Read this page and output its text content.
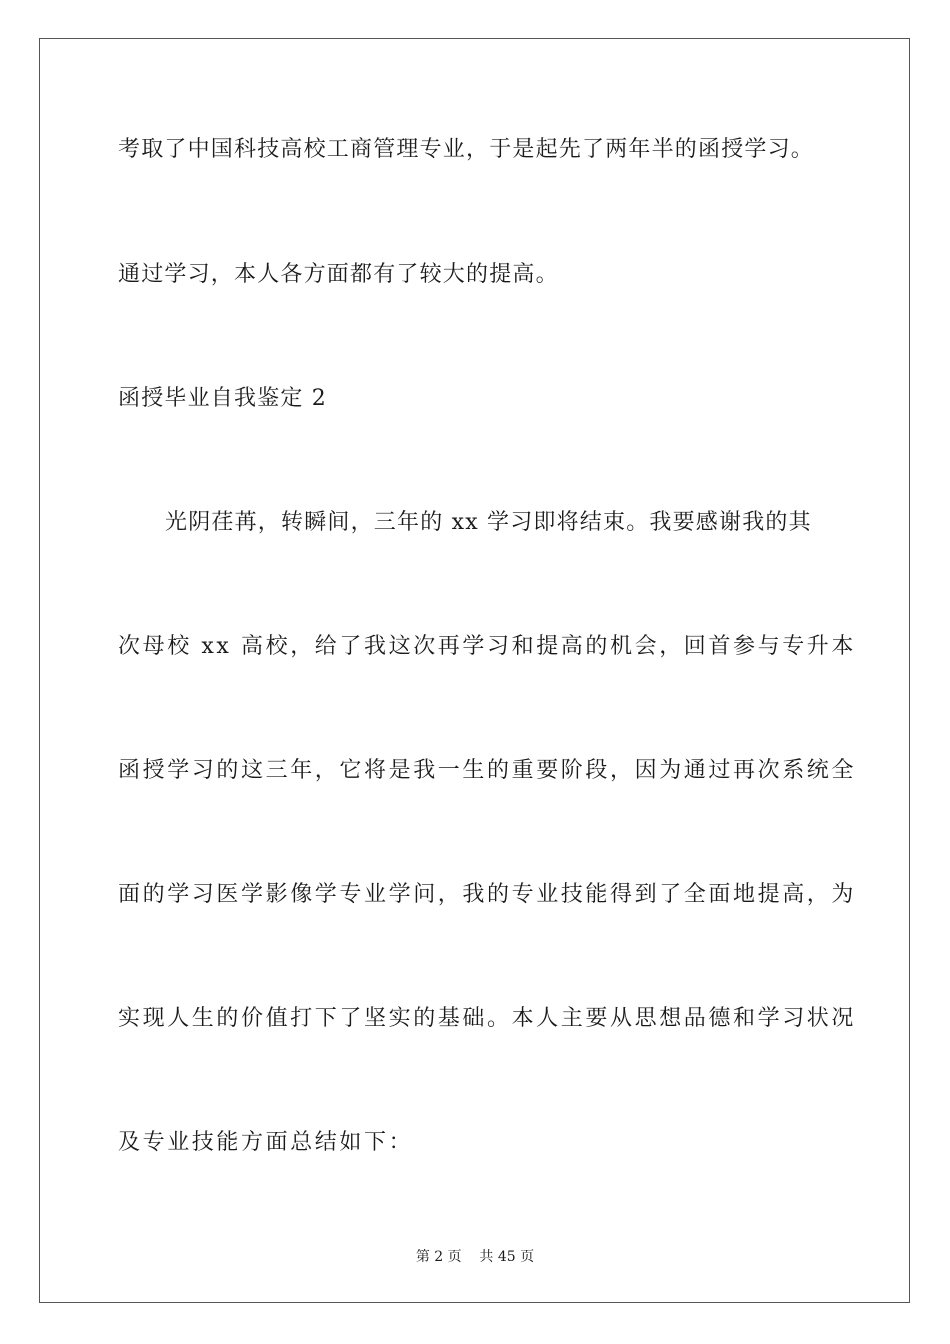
考取了中国科技高校工商管理专业，于是起先了两年半的函授学习。
通过学习，本人各方面都有了较大的提高。
函授毕业自我鉴定 2
光阴荏苒，转瞬间，三年的 xx 学习即将结束。我要感谢我的其
次母校 xx 高校，给了我这次再学习和提高的机会，回首参与专升本
函授学习的这三年，它将是我一生的重要阶段，因为通过再次系统全
面的学习医学影像学专业学问，我的专业技能得到了全面地提高，为
实现人生的价值打下了坚实的基础。本人主要从思想品德和学习状况
及专业技能方面总结如下：
第 2 页    共 45 页
